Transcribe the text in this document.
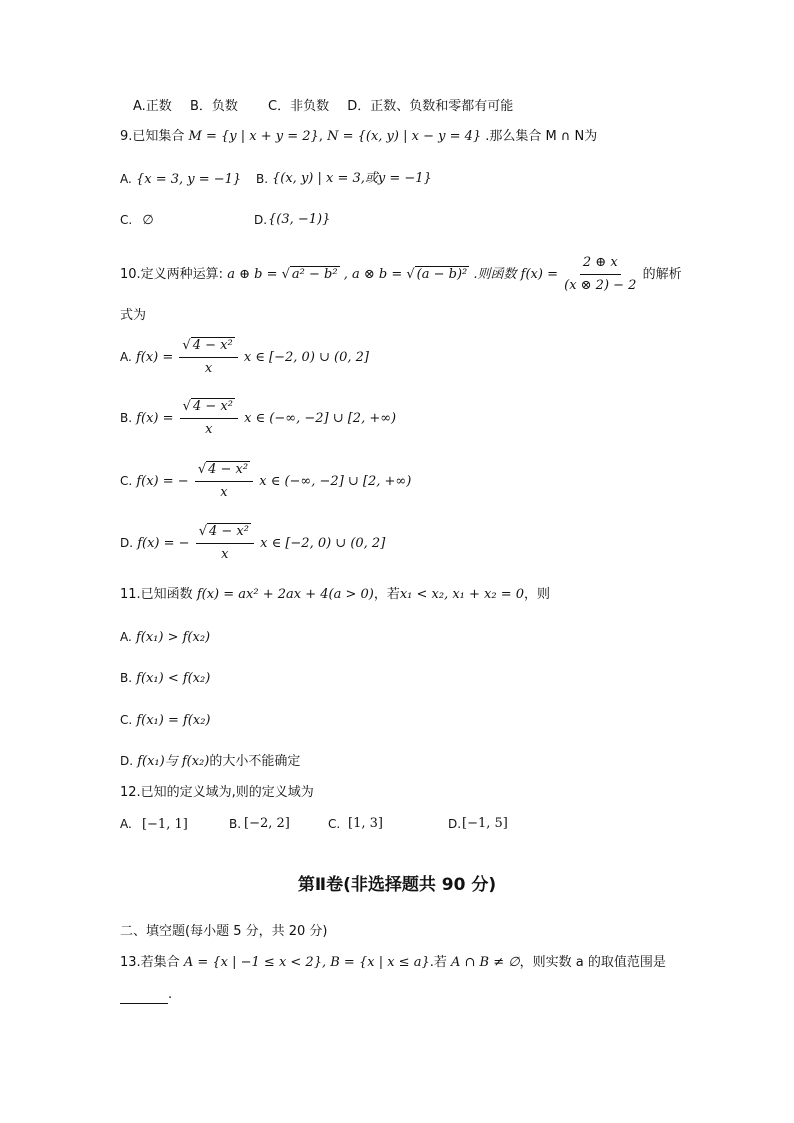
A.正数 B．负数 C．非负数 D．正数、负数和零都有可能
9.已知集合 M = {y | x + y = 2}, N = {(x, y) | x − y = 4} .那么集合 M ∩ N为
A. {x = 3, y = −1} B. {(x, y) | x = 3,或y = −1}
C. ∅	D. {(3, −1)}
10.定义两种运算: a ⊕ b = √ a² − b² , a ⊗ b = √ (a − b)² .则函数 $f(x) = \frac{2 \oplus x}{(x \otimes 2) - 2}$ 的解析
式为
A. $f(x) = \frac{\text{√ 4 − x²}}{x}$ x ∈ [−2, 0) ∪ (0, 2]
B. $f(x) = \frac{\text{√ 4 − x²}}{x}$ x ∈ (−∞, −2] ∪ [2, +∞)
C. f(x) = − $\frac{\text{√ 4 − x²}}{x}$ x ∈ (−∞, −2] ∪ [2, +∞)
D. f(x) = − $\frac{\text{√ 4 − x²}}{x}$ x ∈ [−2, 0) ∪ (0, 2]
11.已知函数 f(x) = ax² + 2ax + 4(a > 0)，若x₁ < x₂, x₁ + x₂ = 0，则
A. f(x₁) > f(x₂)
B. f(x₁) < f(x₂)
C. f(x₁) = f(x₂)
D. f(x₁)与 f(x₂)的大小不能确定
12.已知的定义域为,则的定义域为
A. [−1, 1]	B. [−2, 2]	C. [1, 3]	D. [−1, 5]
第Ⅱ卷(非选择题共 90 分)
二、填空题(每小题 5 分，共 20 分)
13.若集合 A = {x | −1 ≤ x < 2}, B = {x | x ≤ a}.若 A ∩ B ≠ ∅，则实数 a 的取值范围是
.
